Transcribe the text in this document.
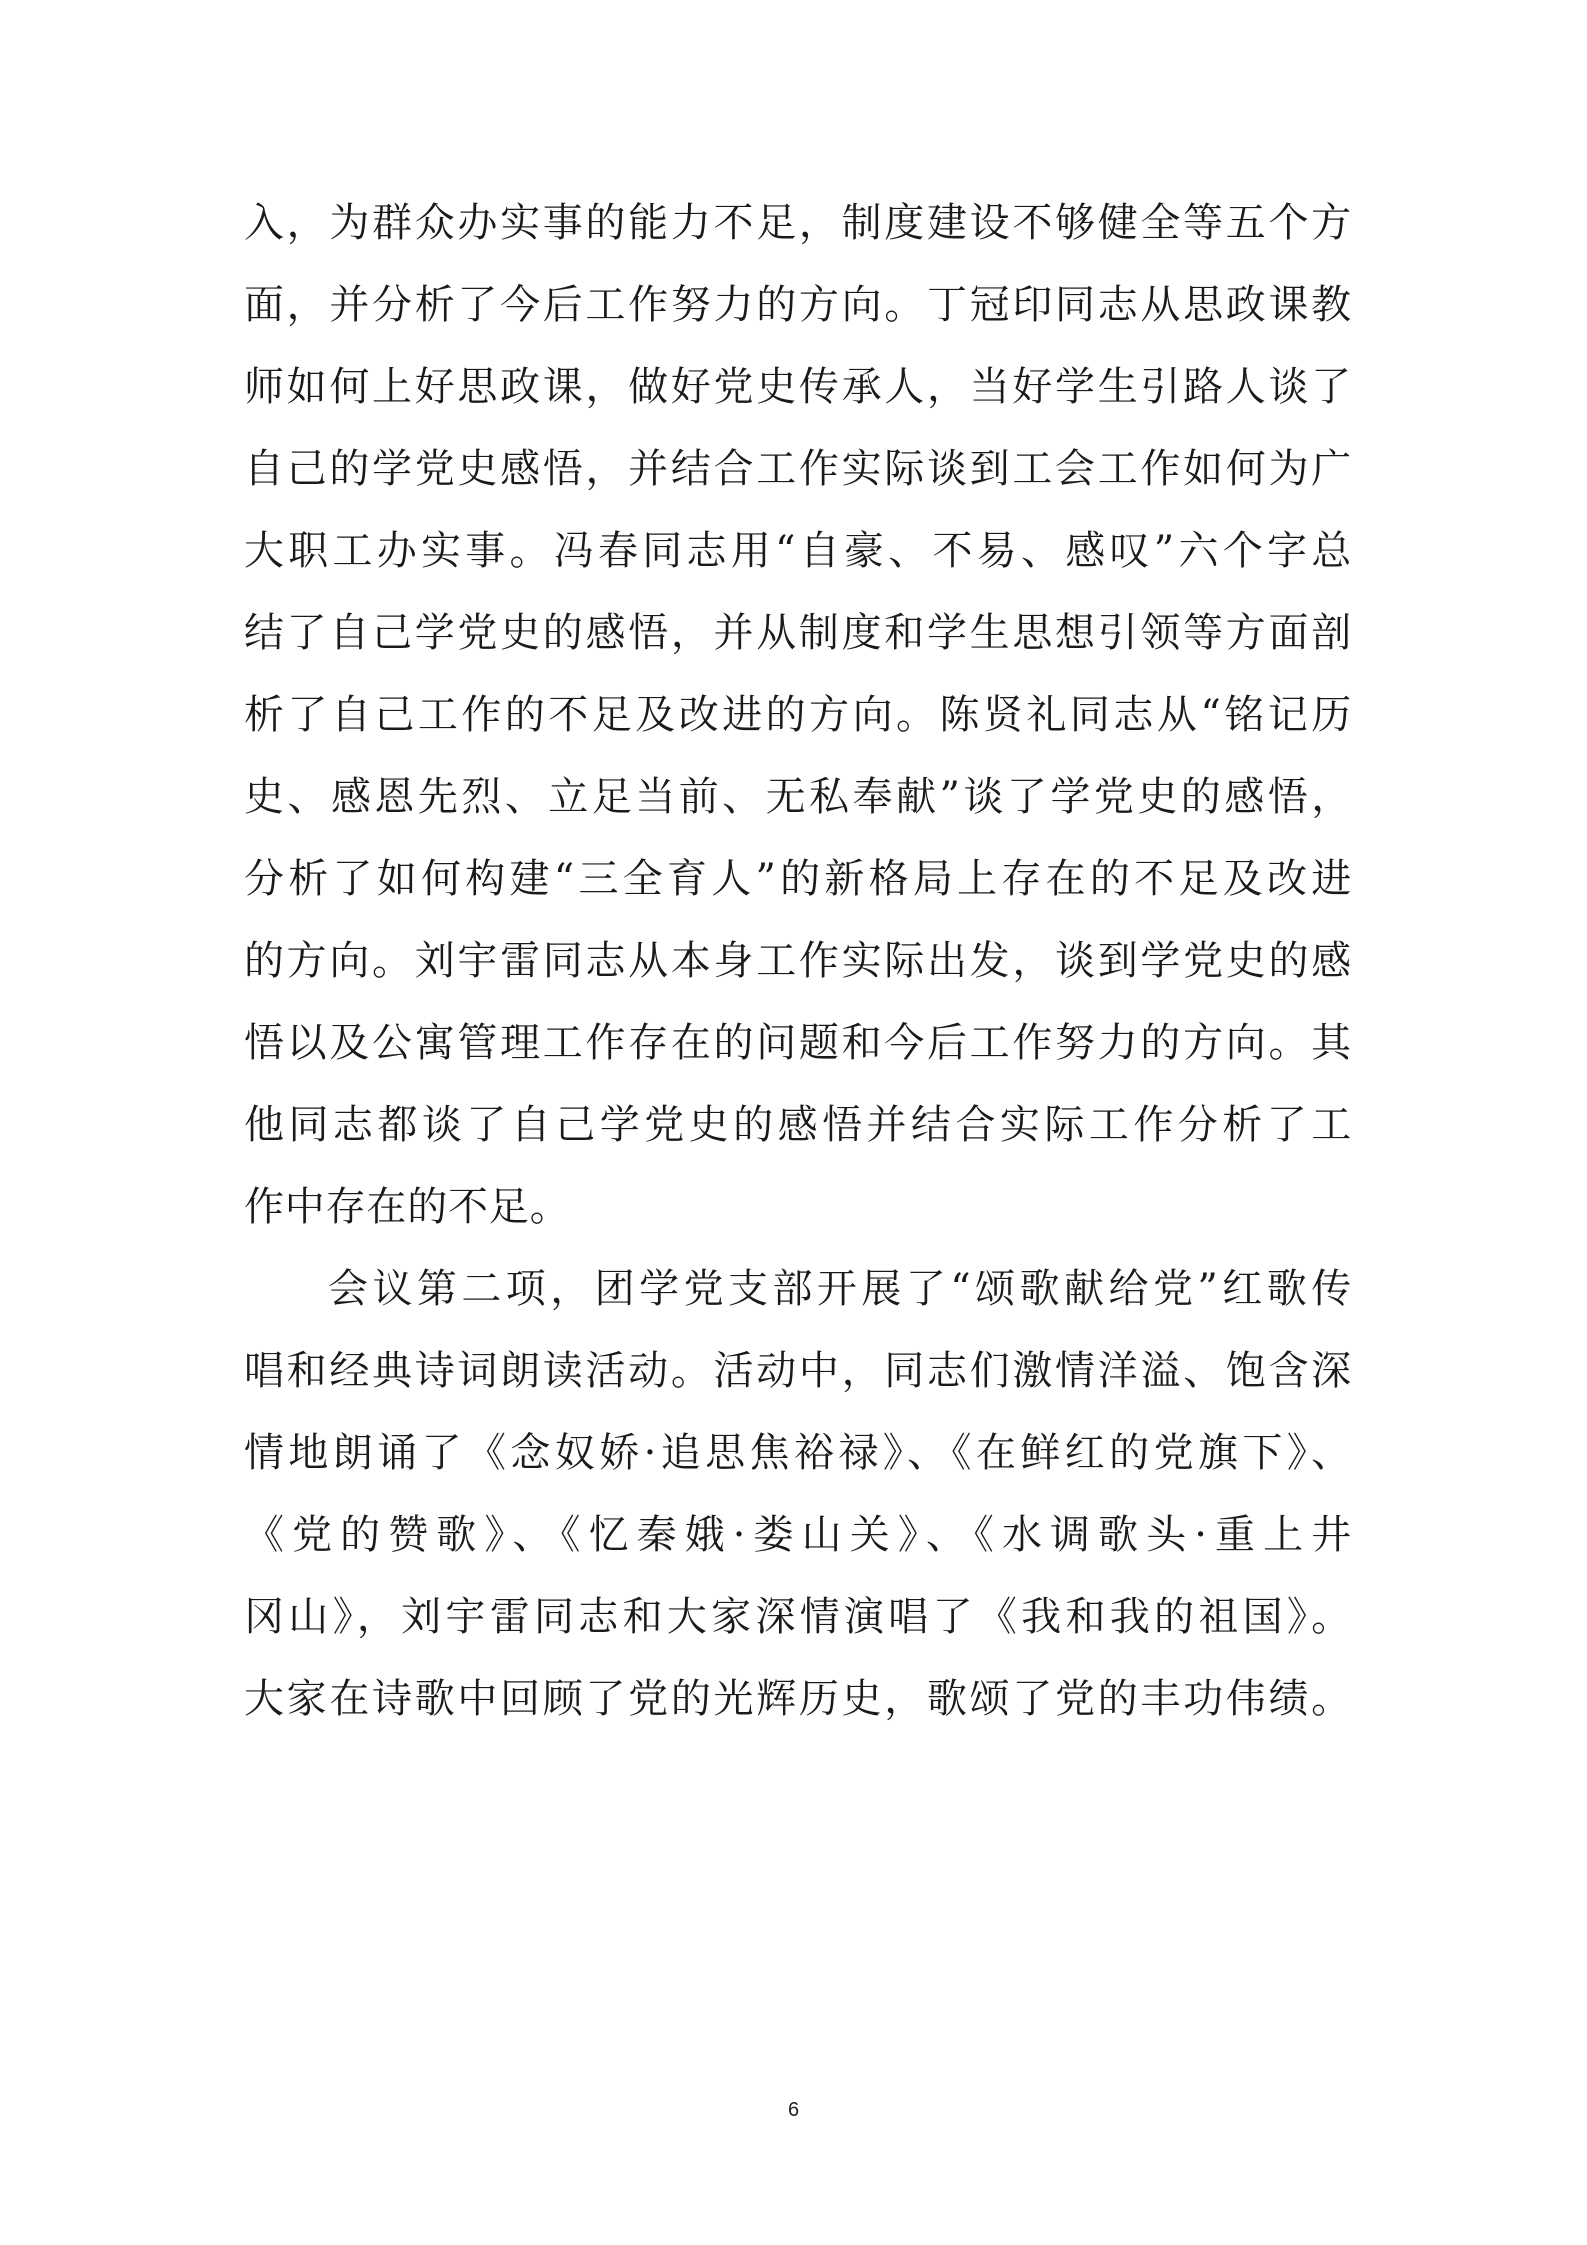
入，为群众办实事的能力不足，制度建设不够健全等五个方
面，并分析了今后工作努力的方向。丁冠印同志从思政课教
师如何上好思政课，做好党史传承人，当好学生引路人谈了
自己的学党史感悟，并结合工作实际谈到工会工作如何为广
大职工办实事。冯春同志用“自豪、不易、感叹”六个字总
结了自己学党史的感悟，并从制度和学生思想引领等方面剖
析了自己工作的不足及改进的方向。陈贤礼同志从“铭记历
史、感恩先烈、立足当前、无私奉献”谈了学党史的感悟，
分析了如何构建“三全育人”的新格局上存在的不足及改进
的方向。刘宇雷同志从本身工作实际出发，谈到学党史的感
悟以及公寓管理工作存在的问题和今后工作努力的方向。其
他同志都谈了自己学党史的感悟并结合实际工作分析了工
作中存在的不足。
会议第二项，团学党支部开展了“颂歌献给党”红歌传
唱和经典诗词朗读活动。活动中，同志们激情洋溢、饱含深
情地朗诵了《念奴娇·追思焦裕禄》、《在鲜红的党旗下》、
《党的赞歌》、《忆秦娥·娄山关》、《水调歌头·重上井
冈山》，刘宇雷同志和大家深情演唱了《我和我的祖国》。
大家在诗歌中回顾了党的光辉历史，歌颂了党的丰功伟绩。
6
